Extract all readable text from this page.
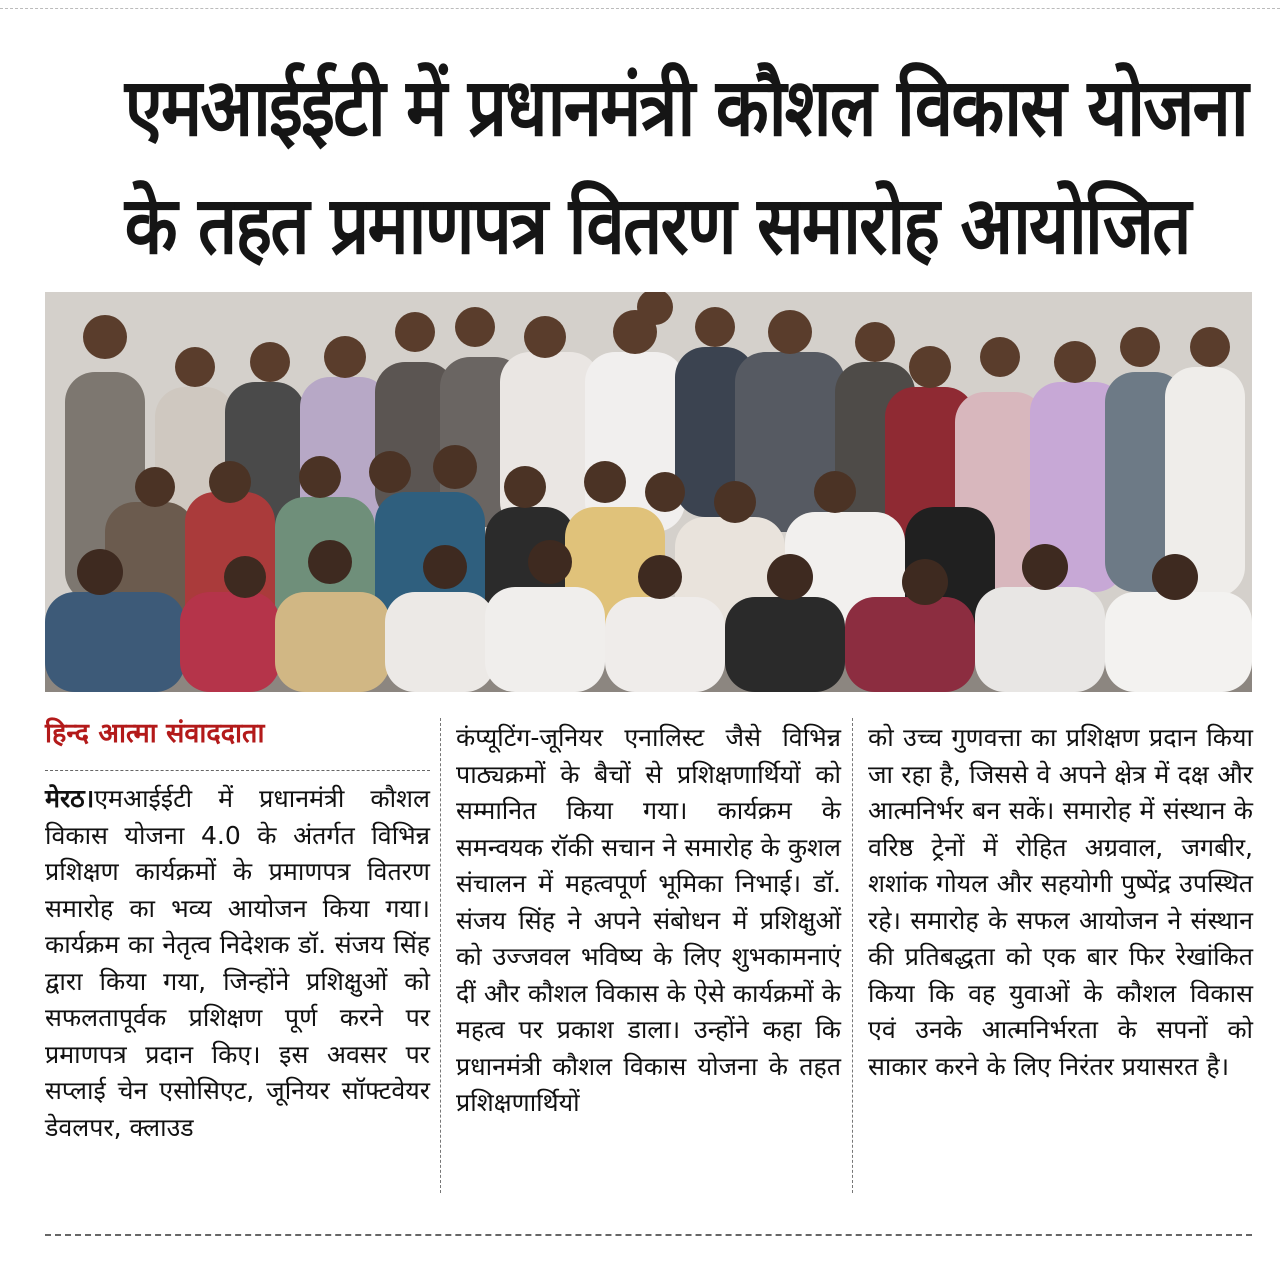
एमआईईटी में प्रधानमंत्री कौशल विकास योजना
के तहत प्रमाणपत्र वितरण समारोह आयोजित
हिन्द आत्मा संवाददाता

मेरठ।एमआईईटी में प्रधानमंत्री कौशल विकास योजना 4.0 के अंतर्गत विभिन्न प्रशिक्षण कार्यक्रमों के प्रमाणपत्र वितरण समारोह का भव्य आयोजन किया गया। कार्यक्रम का नेतृत्व निदेशक डॉ. संजय सिंह द्वारा किया गया, जिन्होंने प्रशिक्षुओं को सफलतापूर्वक प्रशिक्षण पूर्ण करने पर प्रमाणपत्र प्रदान किए। इस अवसर पर सप्लाई चेन एसोसिएट, जूनियर सॉफ्टवेयर डेवलपर, क्लाउड

कंप्यूटिंग-जूनियर एनालिस्ट जैसे विभिन्न पाठ्यक्रमों के बैचों से प्रशिक्षणार्थियों को सम्मानित किया गया। कार्यक्रम के समन्वयक रॉकी सचान ने समारोह के कुशल संचालन में महत्वपूर्ण भूमिका निभाई। डॉ. संजय सिंह ने अपने संबोधन में प्रशिक्षुओं को उज्जवल भविष्य के लिए शुभकामनाएं दीं और कौशल विकास के ऐसे कार्यक्रमों के महत्व पर प्रकाश डाला। उन्होंने कहा कि प्रधानमंत्री कौशल विकास योजना के तहत प्रशिक्षणार्थियों

को उच्च गुणवत्ता का प्रशिक्षण प्रदान किया जा रहा है, जिससे वे अपने क्षेत्र में दक्ष और आत्मनिर्भर बन सकें। समारोह में संस्थान के वरिष्ठ ट्रेनों में रोहित अग्रवाल, जगबीर, शशांक गोयल और सहयोगी पुष्पेंद्र उपस्थित रहे। समारोह के सफल आयोजन ने संस्थान की प्रतिबद्धता को एक बार फिर रेखांकित किया कि वह युवाओं के कौशल विकास एवं उनके आत्मनिर्भरता के सपनों को साकार करने के लिए निरंतर प्रयासरत है।
